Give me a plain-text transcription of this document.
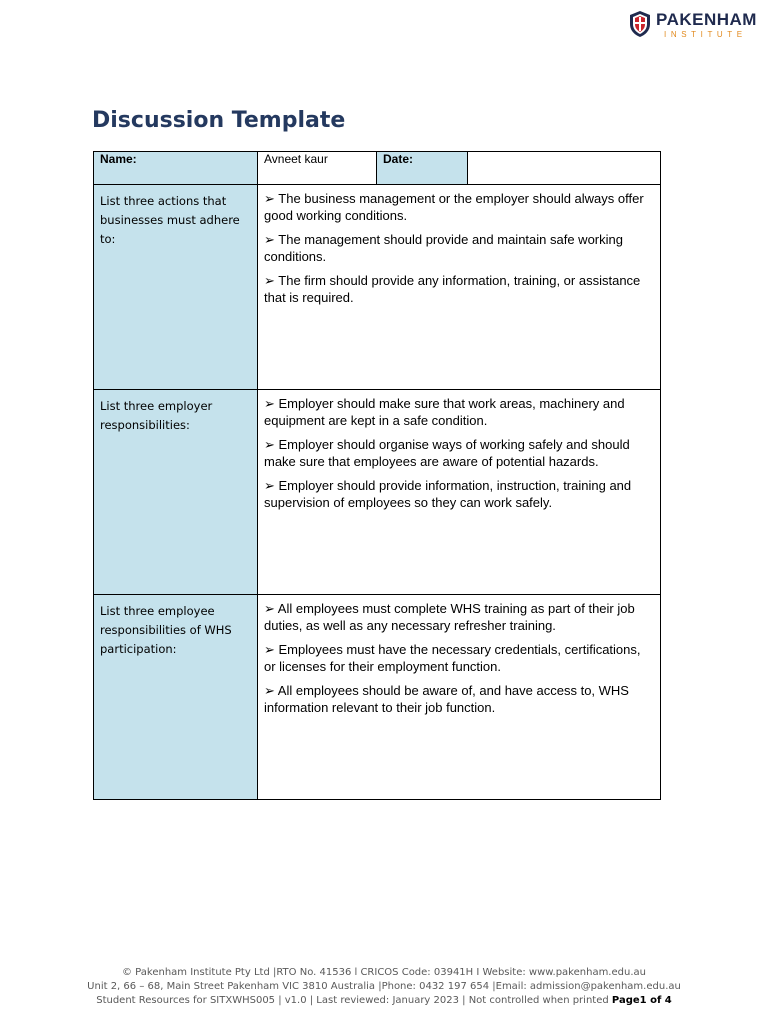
PAKENHAM
INSTITUTE
Discussion Template
Name:	Avneet kaur	Date:	

List three actions that businesses must adhere to:	➢ The business management or the employer should always offer good working conditions.

➢ The management should provide and maintain safe working conditions.

➢ The firm should provide any information, training, or assistance that is required.		

List three employer responsibilities:	➢ Employer should make sure that work areas, machinery and equipment are kept in a safe condition.

➢ Employer should organise ways of working safely and should make sure that employees are aware of potential hazards.

➢ Employer should provide information, instruction, training and supervision of employees so they can work safely.		

List three employee responsibilities of WHS participation:	➢ All employees must complete WHS training as part of their job duties, as well as any necessary refresher training.

➢ Employees must have the necessary credentials, certifications, or licenses for their employment function.

➢ All employees should be aware of, and have access to, WHS information relevant to their job function.		

© Pakenham Institute Pty Ltd |RTO No. 41536 l CRICOS Code: 03941H I Website: www.pakenham.edu.au
Unit 2, 66 – 68, Main Street Pakenham VIC 3810 Australia |Phone: 0432 197 654 |Email: admission@pakenham.edu.au
Student Resources for SITXWHS005 | v1.0 | Last reviewed: January 2023 | Not controlled when printed Page1 of 4
